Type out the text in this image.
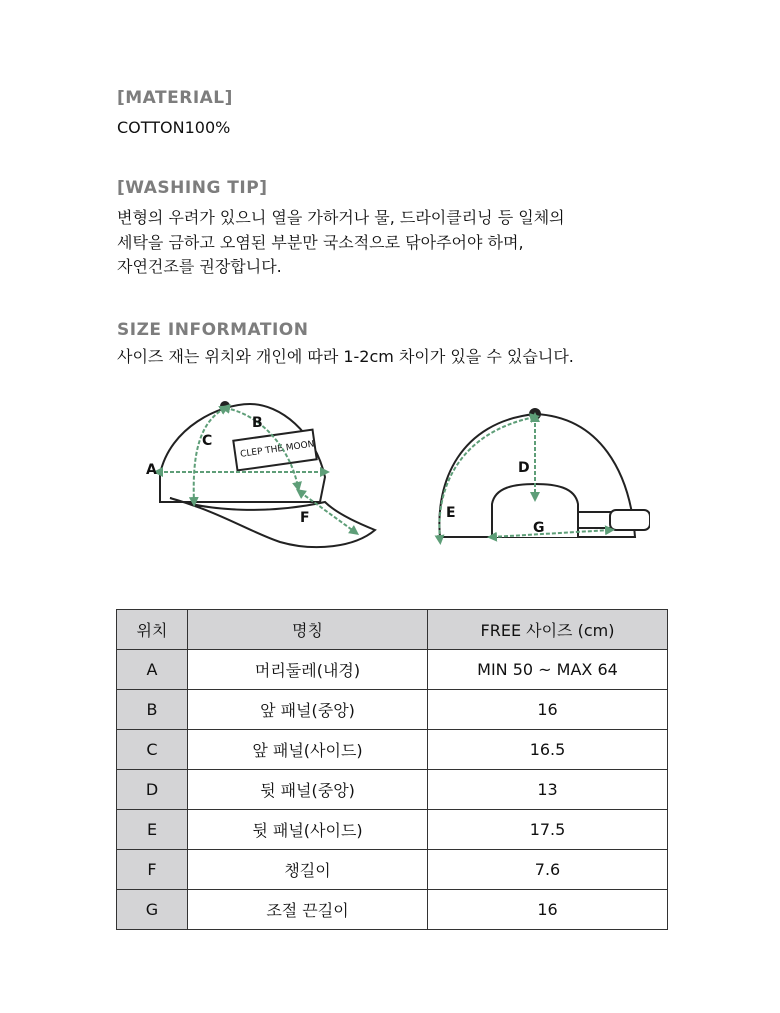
[MATERIAL]
COTTON100%
[WASHING TIP]
변형의 우려가 있으니 열을 가하거나 물, 드라이클리닝 등 일체의
세탁을 금하고 오염된 부분만 국소적으로 닦아주어야 하며,
자연건조를 권장합니다.
SIZE INFORMATION
사이즈 재는 위치와 개인에 따라 1-2cm 차이가 있을 수 있습니다.
CLEP THE MOON
A
B
C
F
D
E
G
위치	명칭	FREE 사이즈 (cm)
A	머리둘레(내경)	MIN 50 ~ MAX 64
B	앞 패널(중앙)	16
C	앞 패널(사이드)	16.5
D	뒷 패널(중앙)	13
E	뒷 패널(사이드)	17.5
F	챙길이	7.6
G	조절 끈길이	16
